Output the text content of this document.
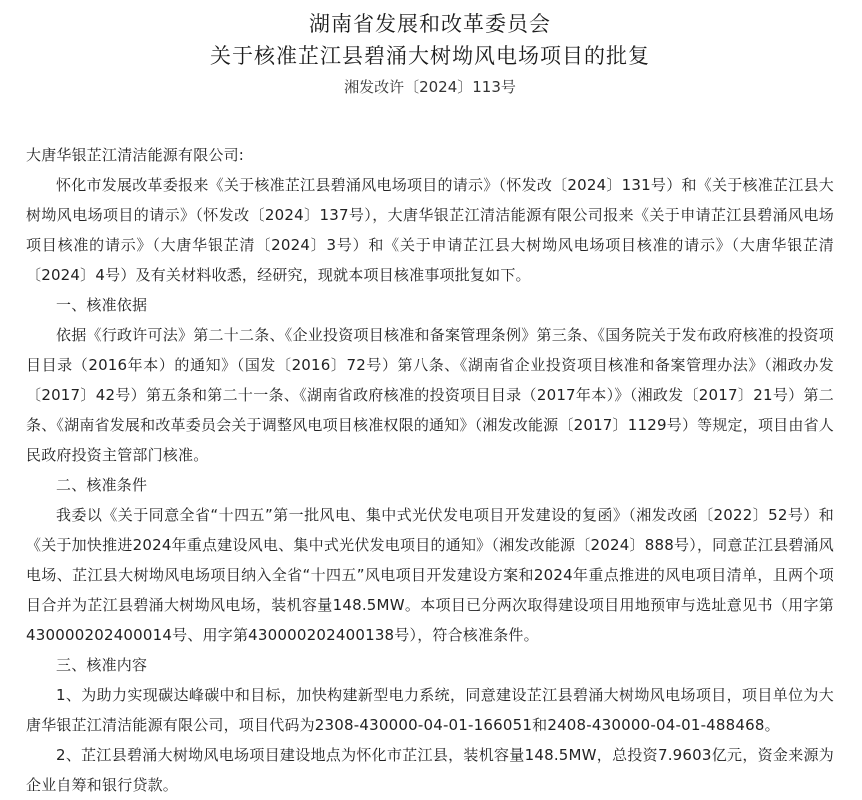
湖南省发展和改革委员会
关于核准芷江县碧涌大树坳风电场项目的批复
湘发改许〔2024〕113号

大唐华银芷江清洁能源有限公司:

怀化市发展改革委报来《关于核准芷江县碧涌风电场项目的请示》（怀发改〔2024〕131号）和《关于核准芷江县大树坳风电场项目的请示》（怀发改〔2024〕137号），大唐华银芷江清洁能源有限公司报来《关于申请芷江县碧涌风电场项目核准的请示》（大唐华银芷清〔2024〕3号）和《关于申请芷江县大树坳风电场项目核准的请示》（大唐华银芷清〔2024〕4号）及有关材料收悉，经研究，现就本项目核准事项批复如下。

一、核准依据

依据《行政许可法》第二十二条、《企业投资项目核准和备案管理条例》第三条、《国务院关于发布政府核准的投资项目目录（2016年本）的通知》（国发〔2016〕72号）第八条、《湖南省企业投资项目核准和备案管理办法》（湘政办发〔2017〕42号）第五条和第二十一条、《湖南省政府核准的投资项目目录（2017年本）》（湘政发〔2017〕21号）第二条、《湖南省发展和改革委员会关于调整风电项目核准权限的通知》（湘发改能源〔2017〕1129号）等规定，项目由省人民政府投资主管部门核准。

二、核准条件

我委以《关于同意全省“十四五”第一批风电、集中式光伏发电项目开发建设的复函》（湘发改函〔2022〕52号）和《关于加快推进2024年重点建设风电、集中式光伏发电项目的通知》（湘发改能源〔2024〕888号），同意芷江县碧涌风电场、芷江县大树坳风电场项目纳入全省“十四五”风电项目开发建设方案和2024年重点推进的风电项目清单，且两个项目合并为芷江县碧涌大树坳风电场，装机容量148.5MW。本项目已分两次取得建设项目用地预审与选址意见书（用字第430000202400014号、用字第430000202400138号），符合核准条件。

三、核准内容

1、为助力实现碳达峰碳中和目标，加快构建新型电力系统，同意建设芷江县碧涌大树坳风电场项目，项目单位为大唐华银芷江清洁能源有限公司，项目代码为2308-430000-04-01-166051和2408-430000-04-01-488468。

2、芷江县碧涌大树坳风电场项目建设地点为怀化市芷江县，装机容量148.5MW，总投资7.9603亿元，资金来源为企业自筹和银行贷款。
